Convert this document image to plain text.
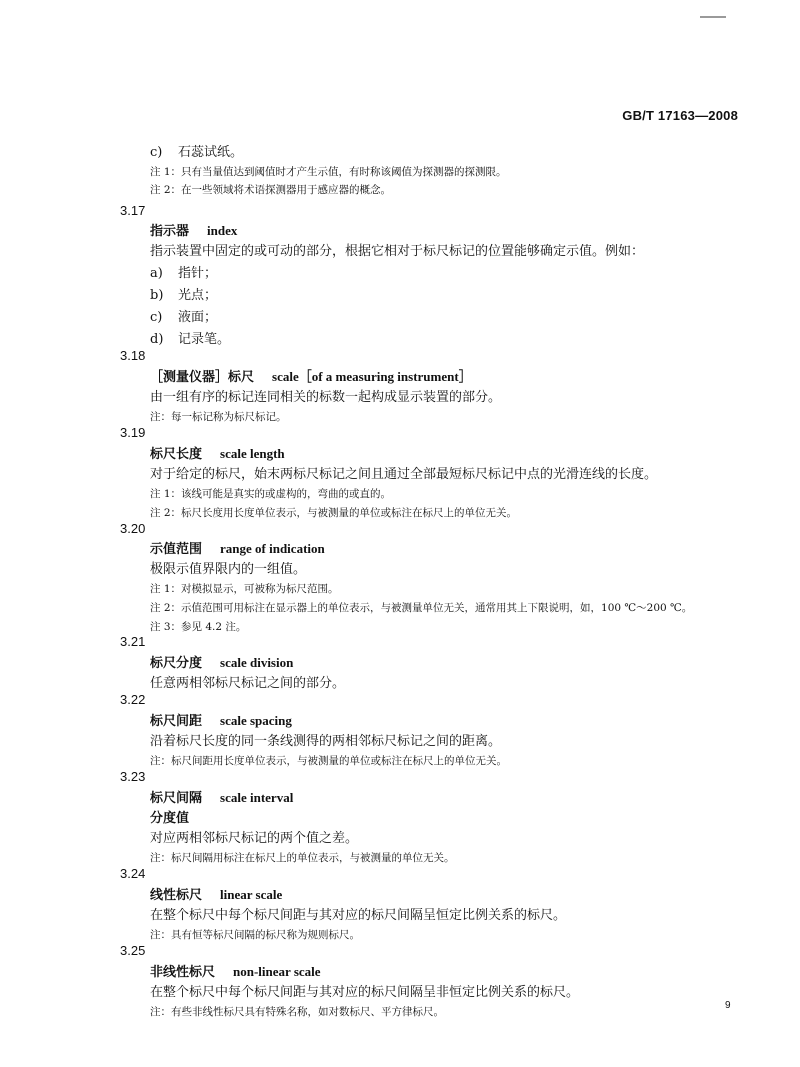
GB/T 17163—2008
c) 石蕊试纸。
注 1：只有当量值达到阈值时才产生示值，有时称该阈值为探测器的探测限。
注 2：在一些领域将术语探测器用于感应器的概念。
3.17
指示器 index
指示装置中固定的或可动的部分，根据它相对于标尺标记的位置能够确定示值。例如：
a) 指针；
b) 光点；
c) 液面；
d) 记录笔。
3.18
［测量仪器］标尺 scale［of a measuring instrument］
由一组有序的标记连同相关的标数一起构成显示装置的部分。
注：每一标记称为标尺标记。
3.19
标尺长度 scale length
对于给定的标尺，始末两标尺标记之间且通过全部最短标尺标记中点的光滑连线的长度。
注 1：该线可能是真实的或虚构的，弯曲的或直的。
注 2：标尺长度用长度单位表示，与被测量的单位或标注在标尺上的单位无关。
3.20
示值范围 range of indication
极限示值界限内的一组值。
注 1：对模拟显示，可被称为标尺范围。
注 2：示值范围可用标注在显示器上的单位表示，与被测量单位无关，通常用其上下限说明，如，100 ℃～200 ℃。
注 3：参见 4.2 注。
3.21
标尺分度 scale division
任意两相邻标尺标记之间的部分。
3.22
标尺间距 scale spacing
沿着标尺长度的同一条线测得的两相邻标尺标记之间的距离。
注：标尺间距用长度单位表示，与被测量的单位或标注在标尺上的单位无关。
3.23
标尺间隔 scale interval
分度值
对应两相邻标尺标记的两个值之差。
注：标尺间隔用标注在标尺上的单位表示，与被测量的单位无关。
3.24
线性标尺 linear scale
在整个标尺中每个标尺间距与其对应的标尺间隔呈恒定比例关系的标尺。
注：具有恒等标尺间隔的标尺称为规则标尺。
3.25
非线性标尺 non-linear scale
在整个标尺中每个标尺间距与其对应的标尺间隔呈非恒定比例关系的标尺。
注：有些非线性标尺具有特殊名称，如对数标尺、平方律标尺。
9
